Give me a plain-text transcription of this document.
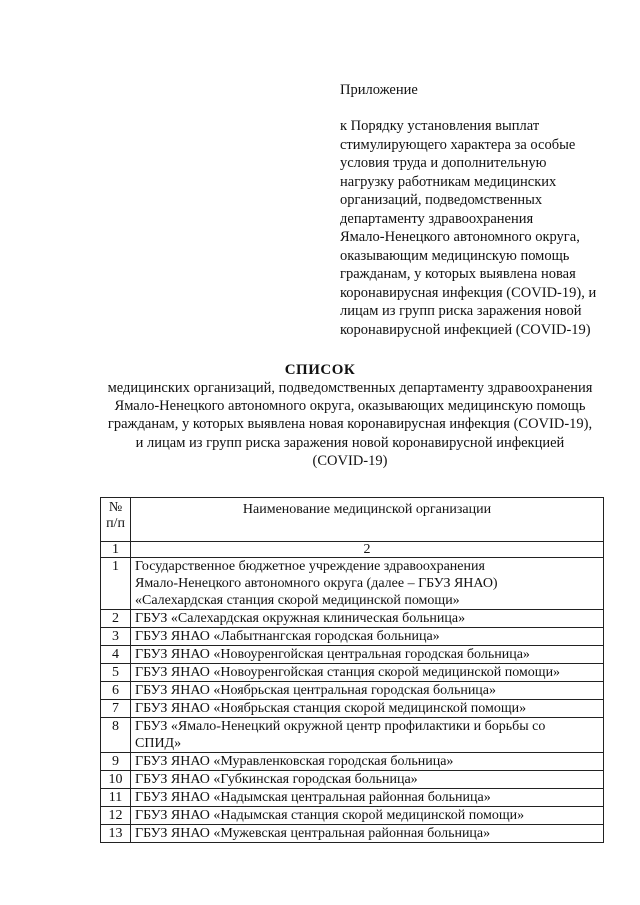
Приложение
к Порядку установления выплат
стимулирующего характера за особые
условия труда и дополнительную
нагрузку работникам медицинских
организаций, подведомственных
департаменту здравоохранения
Ямало-Ненецкого автономного округа,
оказывающим медицинскую помощь
гражданам, у которых выявлена новая
коронавирусная инфекция (COVID-19), и
лицам из групп риска заражения новой
коронавирусной инфекцией (COVID-19)
СПИСОК
медицинских организаций, подведомственных департаменту здравоохранения
Ямало-Ненецкого автономного округа, оказывающих медицинскую помощь
гражданам, у которых выявлена новая коронавирусная инфекция (COVID-19),
и лицам из групп риска заражения новой коронавирусной инфекцией
(COVID-19)
№
п/п	Наименование медицинской организации
1	2
1	Государственное бюджетное учреждение здравоохранения
Ямало-Ненецкого автономного округа (далее – ГБУЗ ЯНАО)
«Салехардская станция скорой медицинской помощи»

2	ГБУЗ «Салехардская окружная клиническая больница»

3	ГБУЗ ЯНАО «Лабытнангская городская больница»

4	ГБУЗ ЯНАО «Новоуренгойская центральная городская больница»

5	ГБУЗ ЯНАО «Новоуренгойская станция скорой медицинской помощи»

6	ГБУЗ ЯНАО «Ноябрьская центральная городская больница»

7	ГБУЗ ЯНАО «Ноябрьская станция скорой медицинской помощи»

8	ГБУЗ «Ямало-Ненецкий окружной центр профилактики и борьбы со
СПИД»

9	ГБУЗ ЯНАО «Муравленковская городская больница»

10	ГБУЗ ЯНАО «Губкинская городская больница»

11	ГБУЗ ЯНАО «Надымская центральная районная больница»

12	ГБУЗ ЯНАО «Надымская станция скорой медицинской помощи»

13	ГБУЗ ЯНАО «Мужевская центральная районная больница»
